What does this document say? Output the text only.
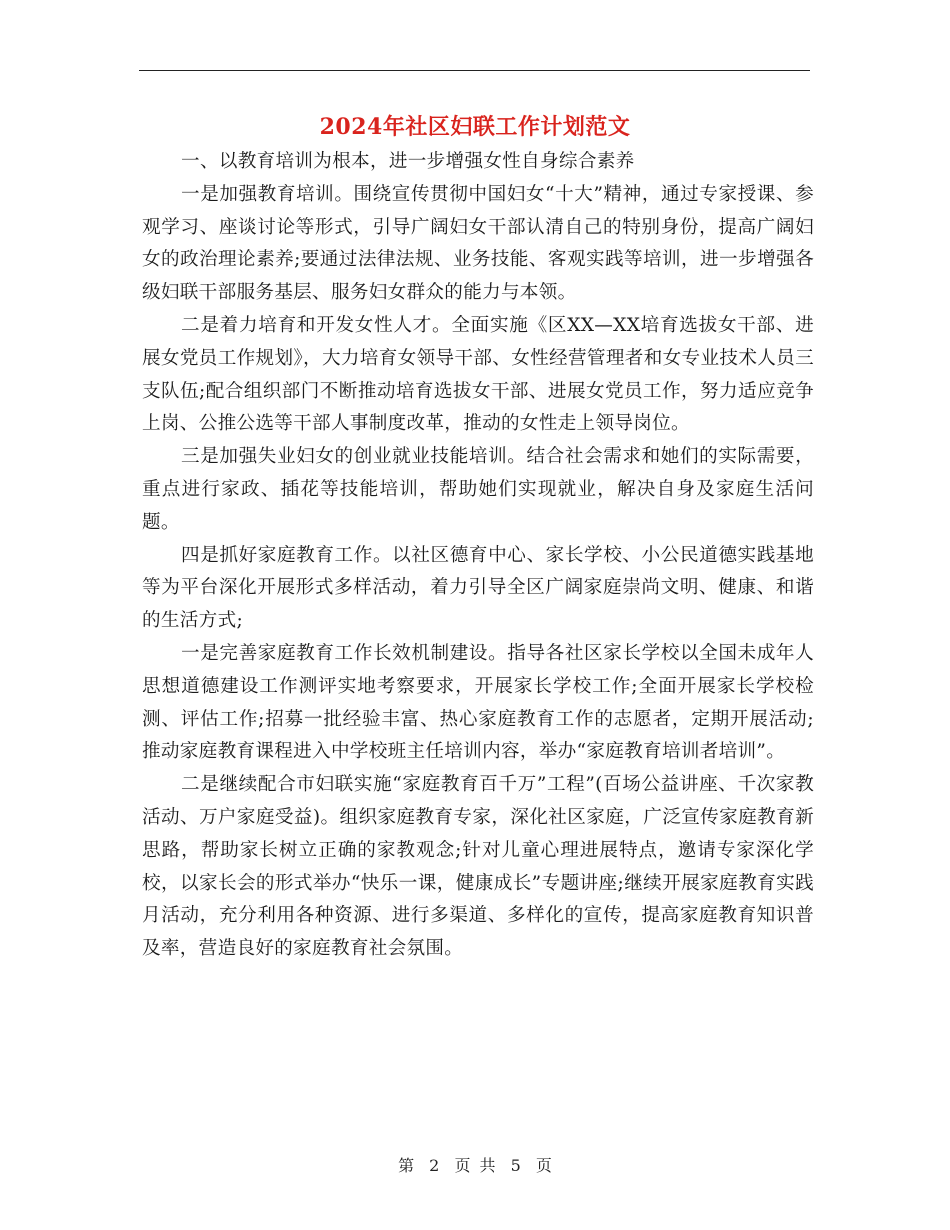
2024年社区妇联工作计划范文

一、以教育培训为根本，进一步增强女性自身综合素养

一是加强教育培训。围绕宣传贯彻中国妇女“十大”精神，通过专家授课、参观学习、座谈讨论等形式，引导广阔妇女干部认清自己的特别身份，提高广阔妇女的政治理论素养;要通过法律法规、业务技能、客观实践等培训，进一步增强各级妇联干部服务基层、服务妇女群众的能力与本领。

二是着力培育和开发女性人才。全面实施《区XX—XX培育选拔女干部、进展女党员工作规划》，大力培育女领导干部、女性经营管理者和女专业技术人员三支队伍;配合组织部门不断推动培育选拔女干部、进展女党员工作，努力适应竞争上岗、公推公选等干部人事制度改革，推动的女性走上领导岗位。

三是加强失业妇女的创业就业技能培训。结合社会需求和她们的实际需要，重点进行家政、插花等技能培训，帮助她们实现就业，解决自身及家庭生活问题。

四是抓好家庭教育工作。以社区德育中心、家长学校、小公民道德实践基地等为平台深化开展形式多样活动，着力引导全区广阔家庭崇尚文明、健康、和谐的生活方式;

一是完善家庭教育工作长效机制建设。指导各社区家长学校以全国未成年人思想道德建设工作测评实地考察要求，开展家长学校工作;全面开展家长学校检测、评估工作;招募一批经验丰富、热心家庭教育工作的志愿者，定期开展活动;推动家庭教育课程进入中学校班主任培训内容，举办“家庭教育培训者培训”。

二是继续配合市妇联实施“家庭教育百千万”工程”(百场公益讲座、千次家教活动、万户家庭受益)。组织家庭教育专家，深化社区家庭，广泛宣传家庭教育新思路，帮助家长树立正确的家教观念;针对儿童心理进展特点，邀请专家深化学校，以家长会的形式举办“快乐一课，健康成长”专题讲座;继续开展家庭教育实践月活动，充分利用各种资源、进行多渠道、多样化的宣传，提高家庭教育知识普及率，营造良好的家庭教育社会氛围。

第 2 页 共 5 页
